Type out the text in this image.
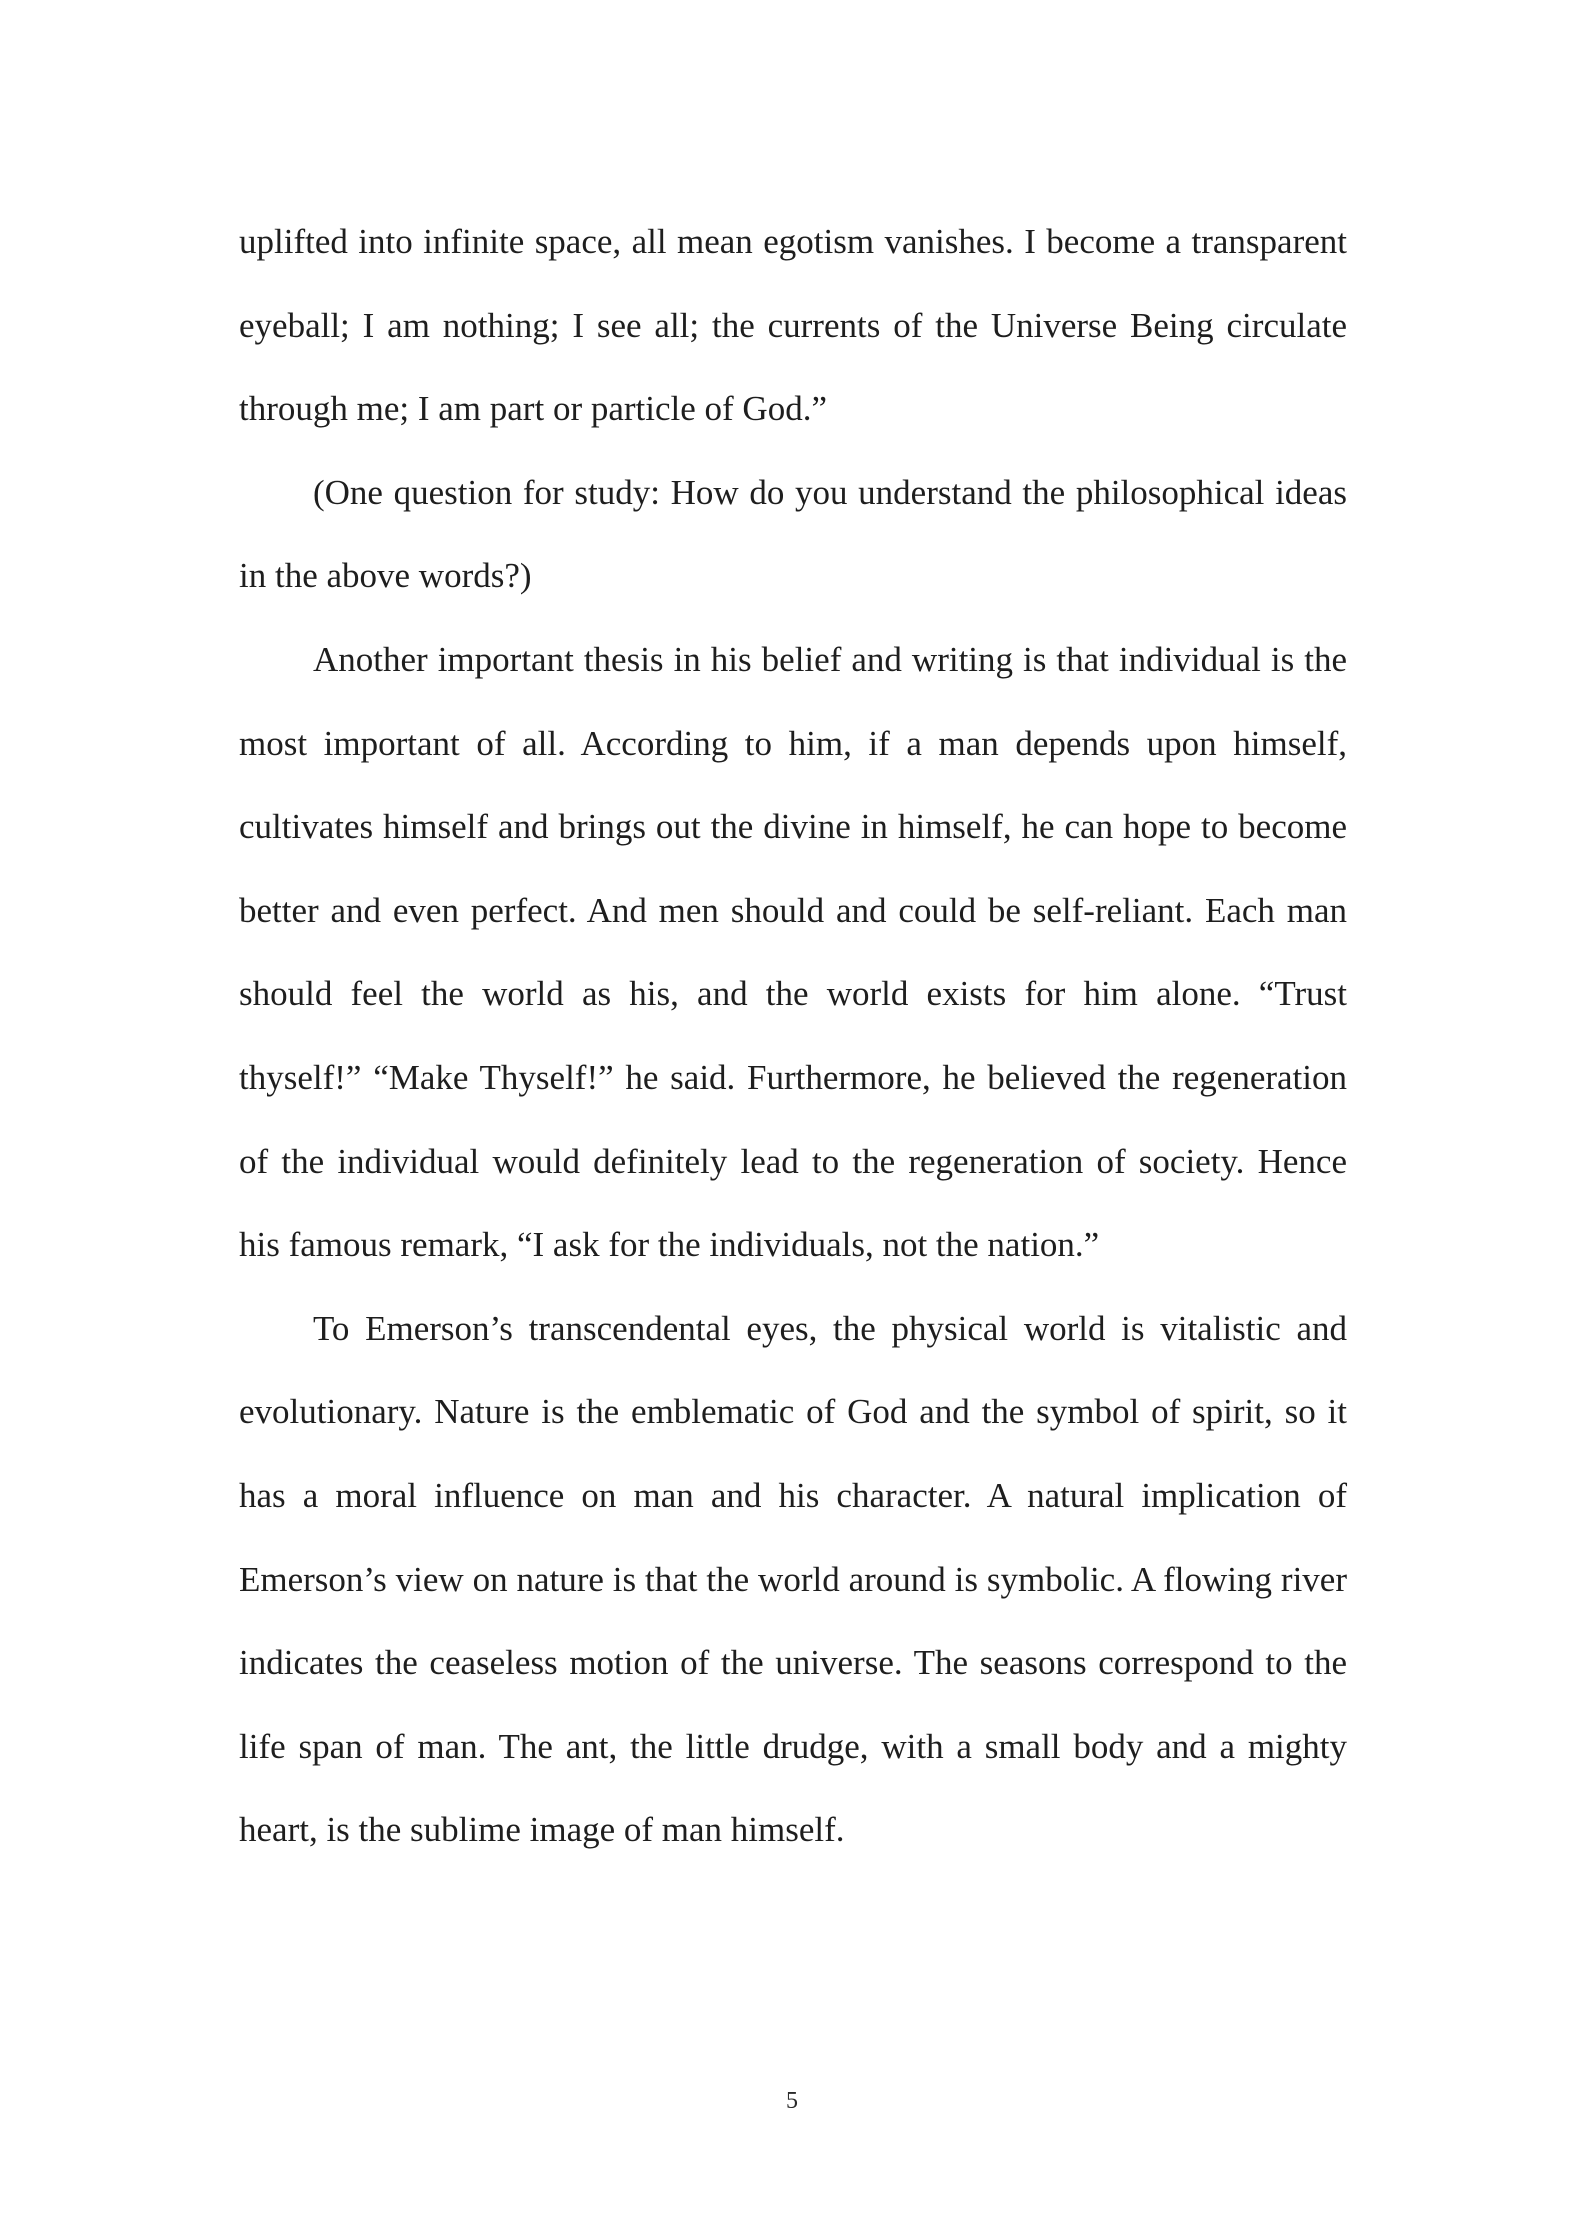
uplifted into infinite space, all mean egotism vanishes. I become a transparent eyeball; I am nothing; I see all; the currents of the Universe Being circulate through me; I am part or particle of God.”

(One question for study: How do you understand the philosophical ideas in the above words?)

Another important thesis in his belief and writing is that individual is the most important of all. According to him, if a man depends upon himself, cultivates himself and brings out the divine in himself, he can hope to become better and even perfect. And men should and could be self-reliant. Each man should feel the world as his, and the world exists for him alone. “Trust thyself!” “Make Thyself!” he said. Furthermore, he believed the regeneration of the individual would definitely lead to the regeneration of society. Hence his famous remark, “I ask for the individuals, not the nation.”

To Emerson’s transcendental eyes, the physical world is vitalistic and evolutionary. Nature is the emblematic of God and the symbol of spirit, so it has a moral influence on man and his character. A natural implication of Emerson’s view on nature is that the world around is symbolic. A flowing river indicates the ceaseless motion of the universe. The seasons correspond to the life span of man. The ant, the little drudge, with a small body and a mighty heart, is the sublime image of man himself.

5
